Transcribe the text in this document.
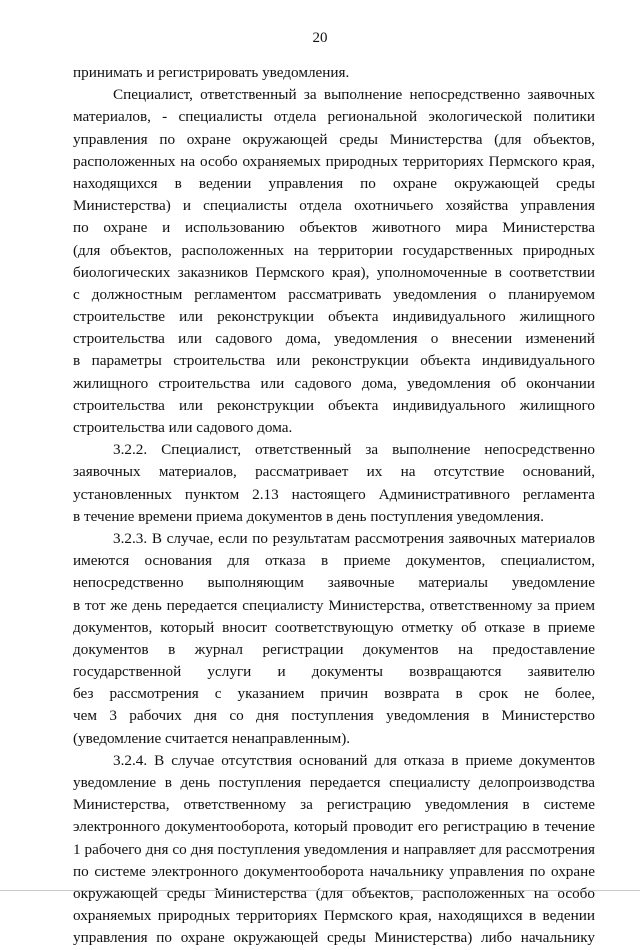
20
принимать и регистрировать уведомления.
Специалист, ответственный за выполнение непосредственно заявочных
материалов, - специалисты отдела региональной экологической политики
управления по охране окружающей среды Министерства (для объектов,
расположенных на особо охраняемых природных территориях Пермского края,
находящихся в ведении управления по охране окружающей среды
Министерства) и специалисты отдела охотничьего хозяйства управления
по охране и использованию объектов животного мира Министерства
(для объектов, расположенных на территории государственных природных
биологических заказников Пермского края), уполномоченные в соответствии
с должностным регламентом рассматривать уведомления о планируемом
строительстве или реконструкции объекта индивидуального жилищного
строительства или садового дома, уведомления о внесении изменений
в параметры строительства или реконструкции объекта индивидуального
жилищного строительства или садового дома, уведомления об окончании
строительства или реконструкции объекта индивидуального жилищного
строительства или садового дома.
3.2.2. Специалист, ответственный за выполнение непосредственно
заявочных материалов, рассматривает их на отсутствие оснований,
установленных пунктом 2.13 настоящего Административного регламента
в течение времени приема документов в день поступления уведомления.
3.2.3. В случае, если по результатам рассмотрения заявочных материалов
имеются основания для отказа в приеме документов, специалистом,
непосредственно выполняющим заявочные материалы уведомление
в тот же день передается специалисту Министерства, ответственному за прием
документов, который вносит соответствующую отметку об отказе в приеме
документов в журнал регистрации документов на предоставление
государственной услуги и документы возвращаются заявителю
без рассмотрения с указанием причин возврата в срок не более,
чем 3 рабочих дня со дня поступления уведомления в Министерство
(уведомление считается ненаправленным).
3.2.4. В случае отсутствия оснований для отказа в приеме документов
уведомление в день поступления передается специалисту делопроизводства
Министерства, ответственному за регистрацию уведомления в системе
электронного документооборота, который проводит его регистрацию в течение
1 рабочего дня со дня поступления уведомления и направляет для рассмотрения
по системе электронного документооборота начальнику управления по охране
окружающей среды Министерства (для объектов, расположенных на особо
охраняемых природных территориях Пермского края, находящихся в ведении
управления по охране окружающей среды Министерства) либо начальнику
